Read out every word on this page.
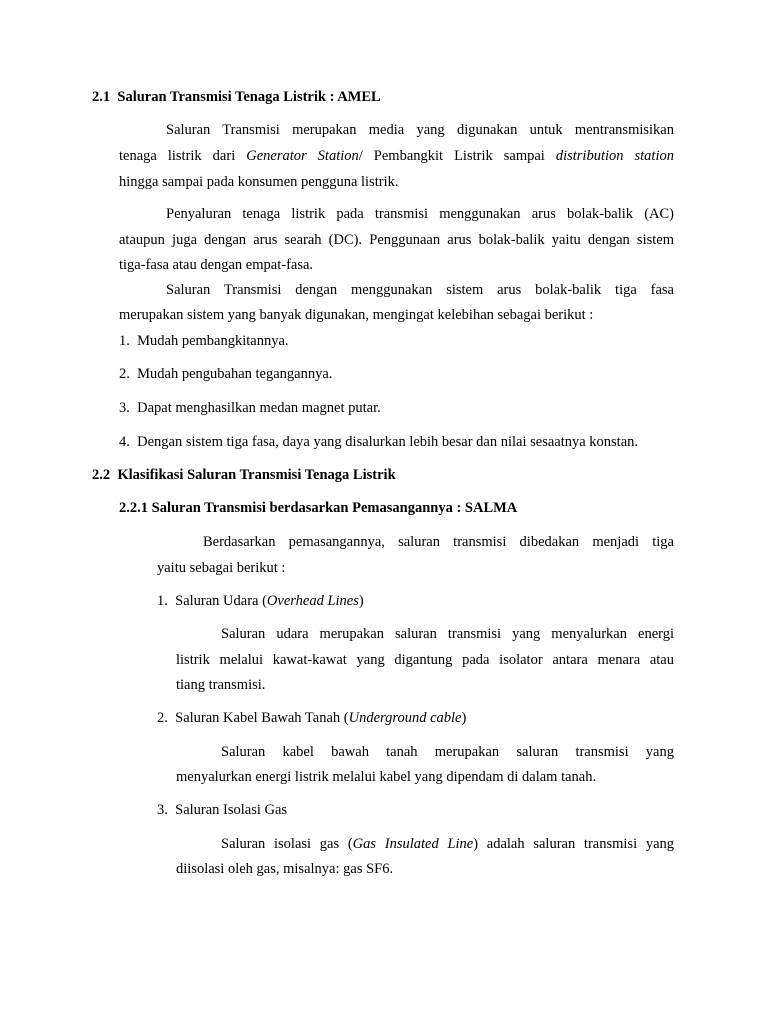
2.1 Saluran Transmisi Tenaga Listrik : AMEL
Saluran Transmisi merupakan media yang digunakan untuk mentransmisikan
tenaga listrik dari Generator Station/ Pembangkit Listrik sampai distribution station
hingga sampai pada konsumen pengguna listrik.
Penyaluran tenaga listrik pada transmisi menggunakan arus bolak-balik (AC)
ataupun juga dengan arus searah (DC). Penggunaan arus bolak-balik yaitu dengan sistem
tiga-fasa atau dengan empat-fasa.
Saluran Transmisi dengan menggunakan sistem arus bolak-balik tiga fasa
merupakan sistem yang banyak digunakan, mengingat kelebihan sebagai berikut :
1. Mudah pembangkitannya.
2. Mudah pengubahan tegangannya.
3. Dapat menghasilkan medan magnet putar.
4. Dengan sistem tiga fasa, daya yang disalurkan lebih besar dan nilai sesaatnya konstan.
2.2 Klasifikasi Saluran Transmisi Tenaga Listrik
2.2.1 Saluran Transmisi berdasarkan Pemasangannya : SALMA
Berdasarkan pemasangannya, saluran transmisi dibedakan menjadi tiga
yaitu sebagai berikut :
1. Saluran Udara (Overhead Lines)
Saluran udara merupakan saluran transmisi yang menyalurkan energi
listrik melalui kawat-kawat yang digantung pada isolator antara menara atau
tiang transmisi.
2. Saluran Kabel Bawah Tanah (Underground cable)
Saluran kabel bawah tanah merupakan saluran transmisi yang
menyalurkan energi listrik melalui kabel yang dipendam di dalam tanah.
3. Saluran Isolasi Gas
Saluran isolasi gas (Gas Insulated Line) adalah saluran transmisi yang
diisolasi oleh gas, misalnya: gas SF6.
